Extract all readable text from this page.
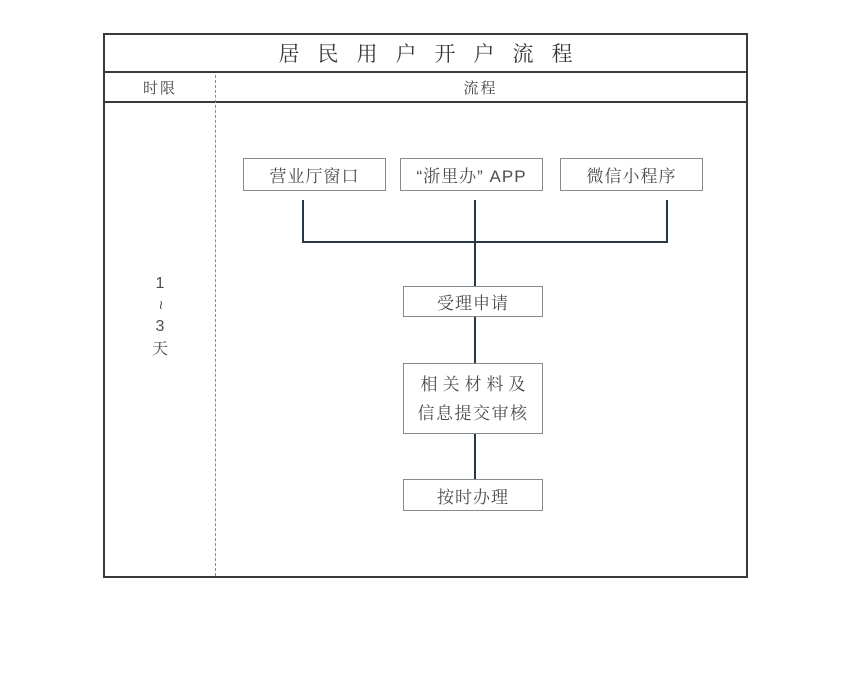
居民用户开户流程
时限	流程
1
~
3
天
营业厅窗口	“浙里办” APP	微信小程序
受理申请
相关材料及
信息提交审核
按时办理
